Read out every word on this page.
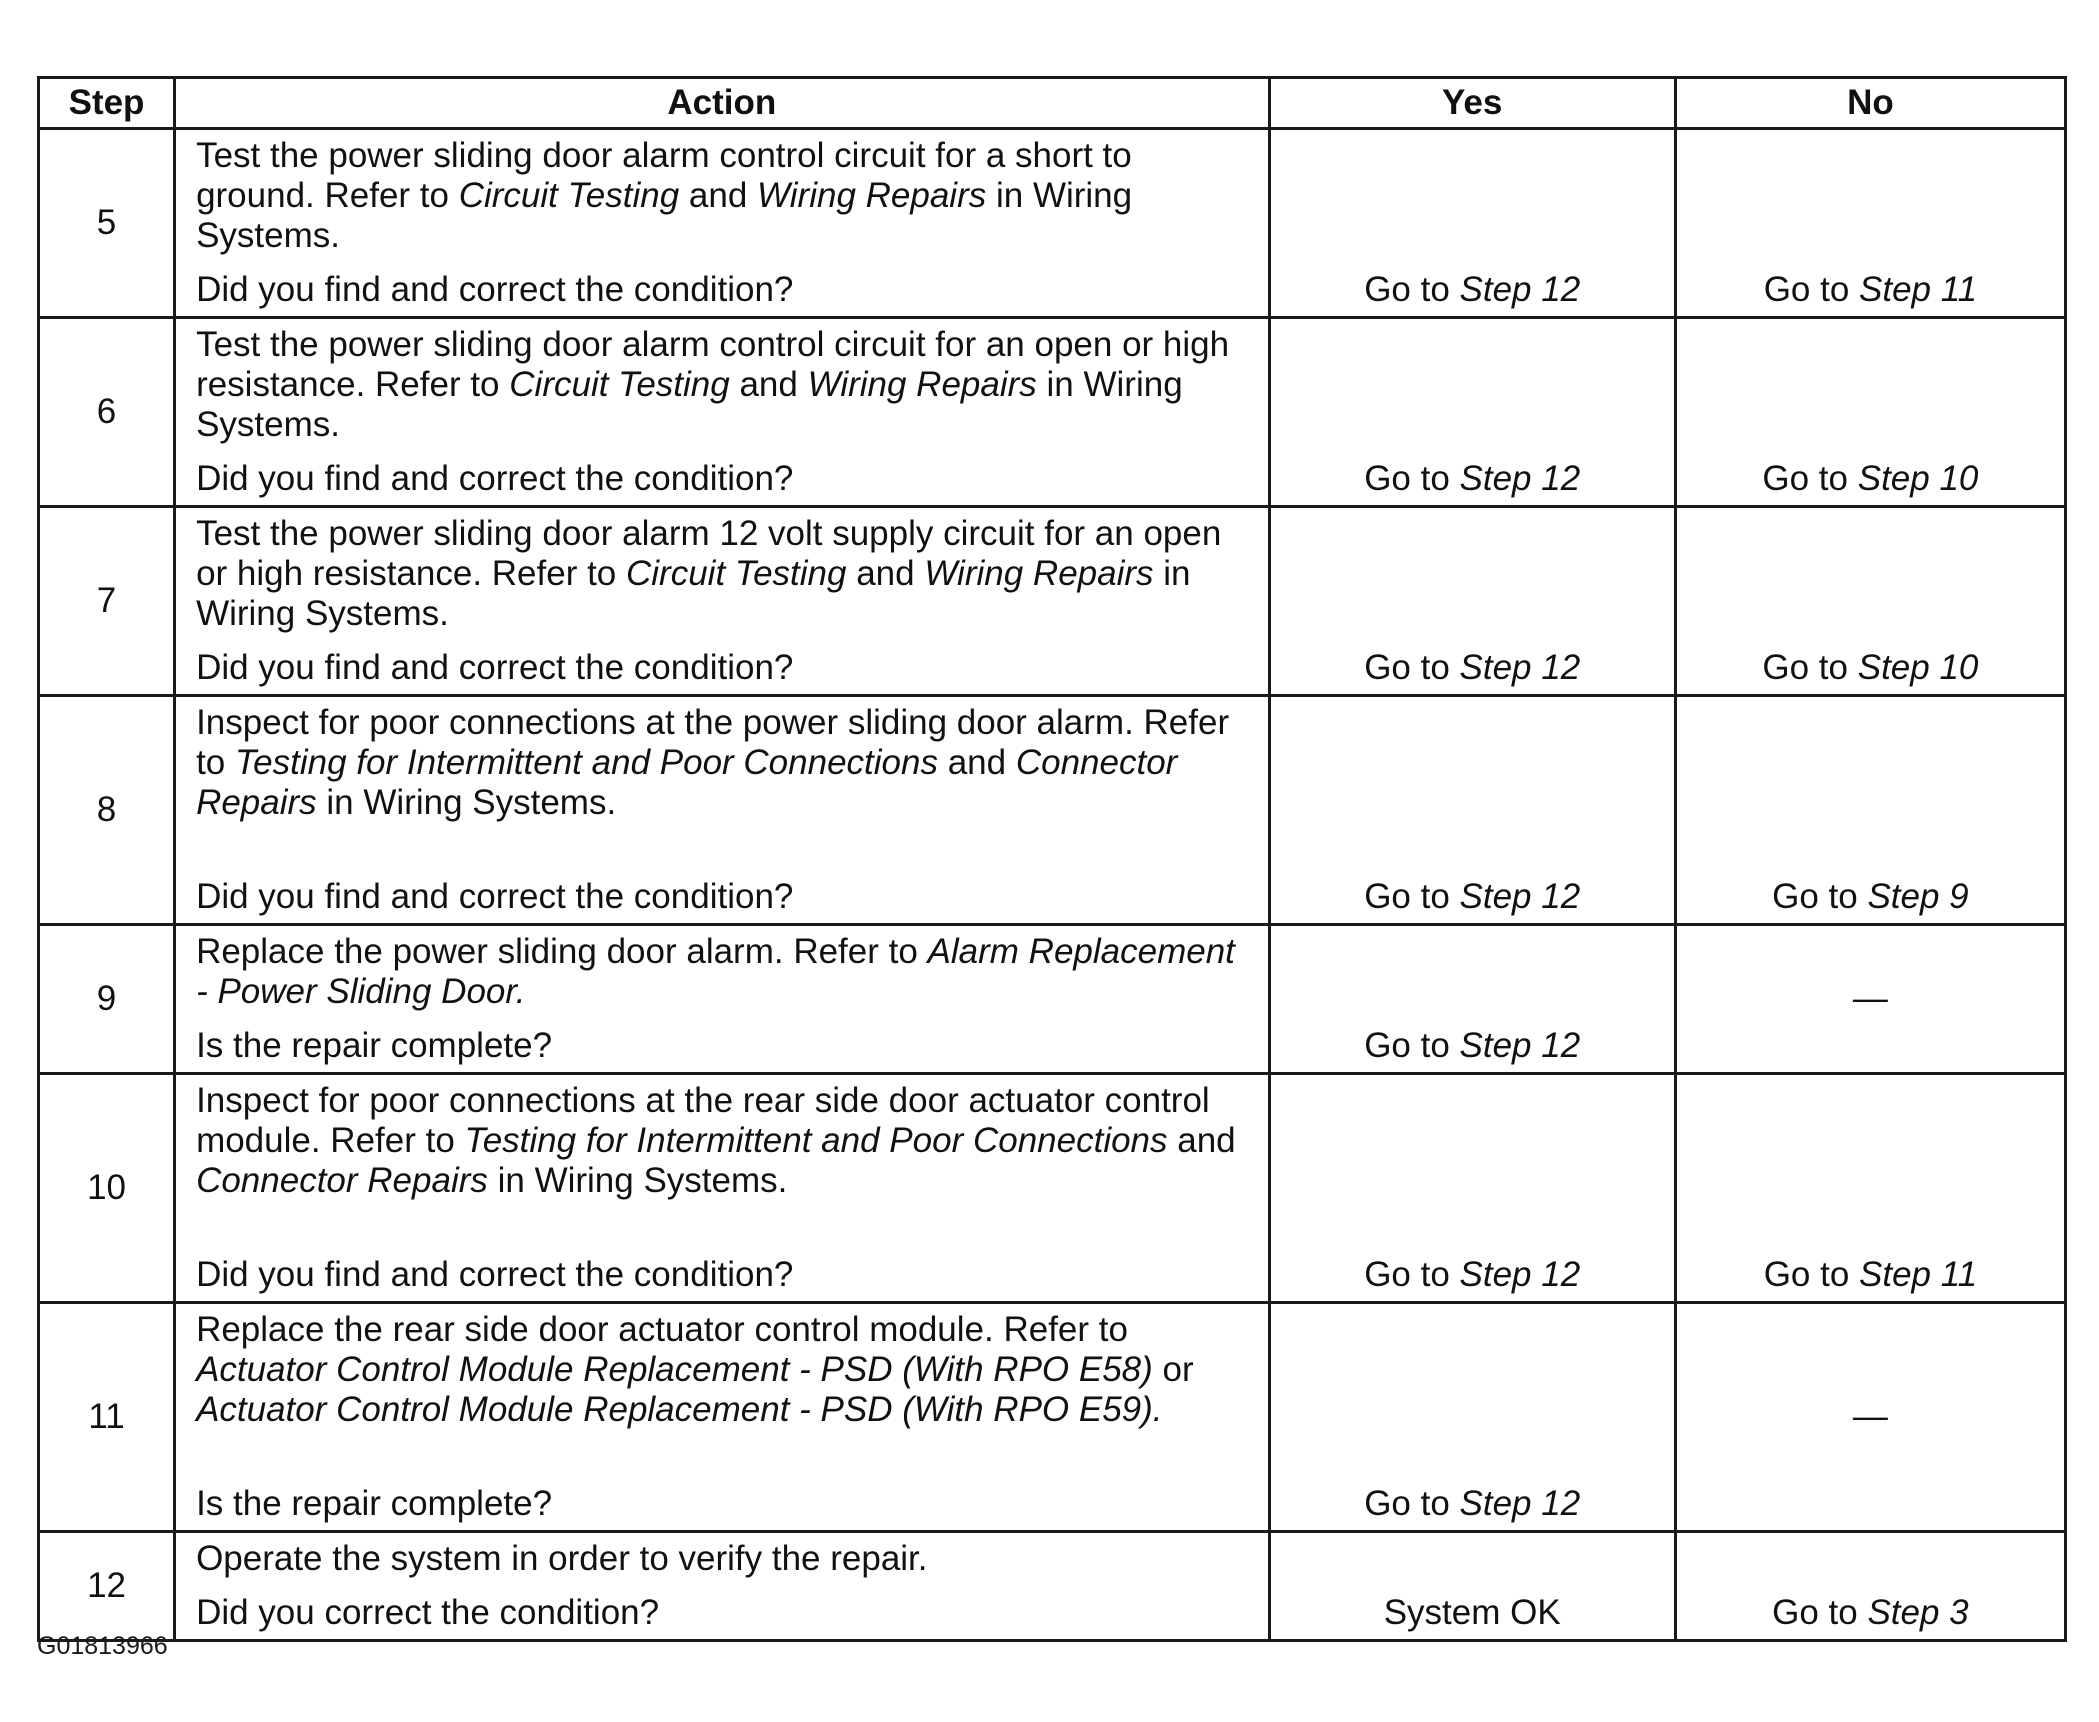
Step	Action	Yes	No
5	Test the power sliding door alarm control circuit for a short to ground. Refer to Circuit Testing and Wiring Repairs in Wiring Systems.

Did you find and correct the condition?	Go to Step 12	Go to Step 11
6	Test the power sliding door alarm control circuit for an open or high resistance. Refer to Circuit Testing and Wiring Repairs in Wiring Systems.

Did you find and correct the condition?	Go to Step 12	Go to Step 10
7	Test the power sliding door alarm 12 volt supply circuit for an open or high resistance. Refer to Circuit Testing and Wiring Repairs in Wiring Systems.

Did you find and correct the condition?	Go to Step 12	Go to Step 10
8	Inspect for poor connections at the power sliding door alarm. Refer to Testing for Intermittent and Poor Connections and Connector Repairs in Wiring Systems.

Did you find and correct the condition?	Go to Step 12	Go to Step 9
9	Replace the power sliding door alarm. Refer to Alarm Replacement - Power Sliding Door.

Is the repair complete?	Go to Step 12	—
10	Inspect for poor connections at the rear side door actuator control module. Refer to Testing for Intermittent and Poor Connections and Connector Repairs in Wiring Systems.

Did you find and correct the condition?	Go to Step 12	Go to Step 11
11	Replace the rear side door actuator control module. Refer to Actuator Control Module Replacement - PSD (With RPO E58) or Actuator Control Module Replacement - PSD (With RPO E59).

Is the repair complete?	Go to Step 12	—
12	Operate the system in order to verify the repair.

Did you correct the condition?	System OK	Go to Step 3
G01813966
